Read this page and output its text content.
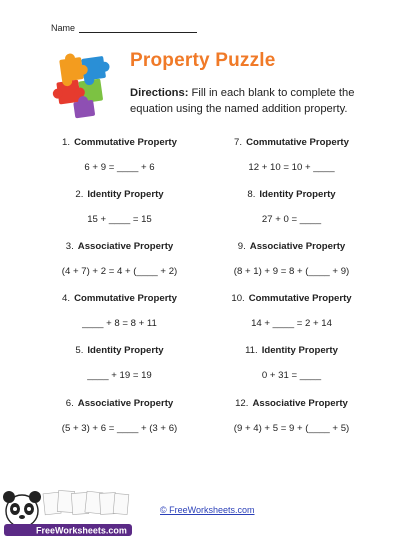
Name
Property Puzzle
Directions: Fill in each blank to complete the equation using the named addition property.
1. Commutative Property
6 + 9 = ____ + 6
2. Identity Property
15 + ____ = 15
3. Associative Property
(4 + 7) + 2 = 4 + (____ + 2)
4. Commutative Property
____ + 8 = 8 + 11
5. Identity Property
____ + 19 = 19
6. Associative Property
(5 + 3) + 6 = ____ + (3 + 6)
7. Commutative Property
12 + 10 = 10 + ____
8. Identity Property
27 + 0 = ____
9. Associative Property
(8 + 1) + 9 = 8 + (____ + 9)
10. Commutative Property
14 + ____ = 2 + 14
11. Identity Property
0 + 31 = ____
12. Associative Property
(9 + 4) + 5 = 9 + (____ + 5)
FreeWorksheets.com
© FreeWorksheets.com
